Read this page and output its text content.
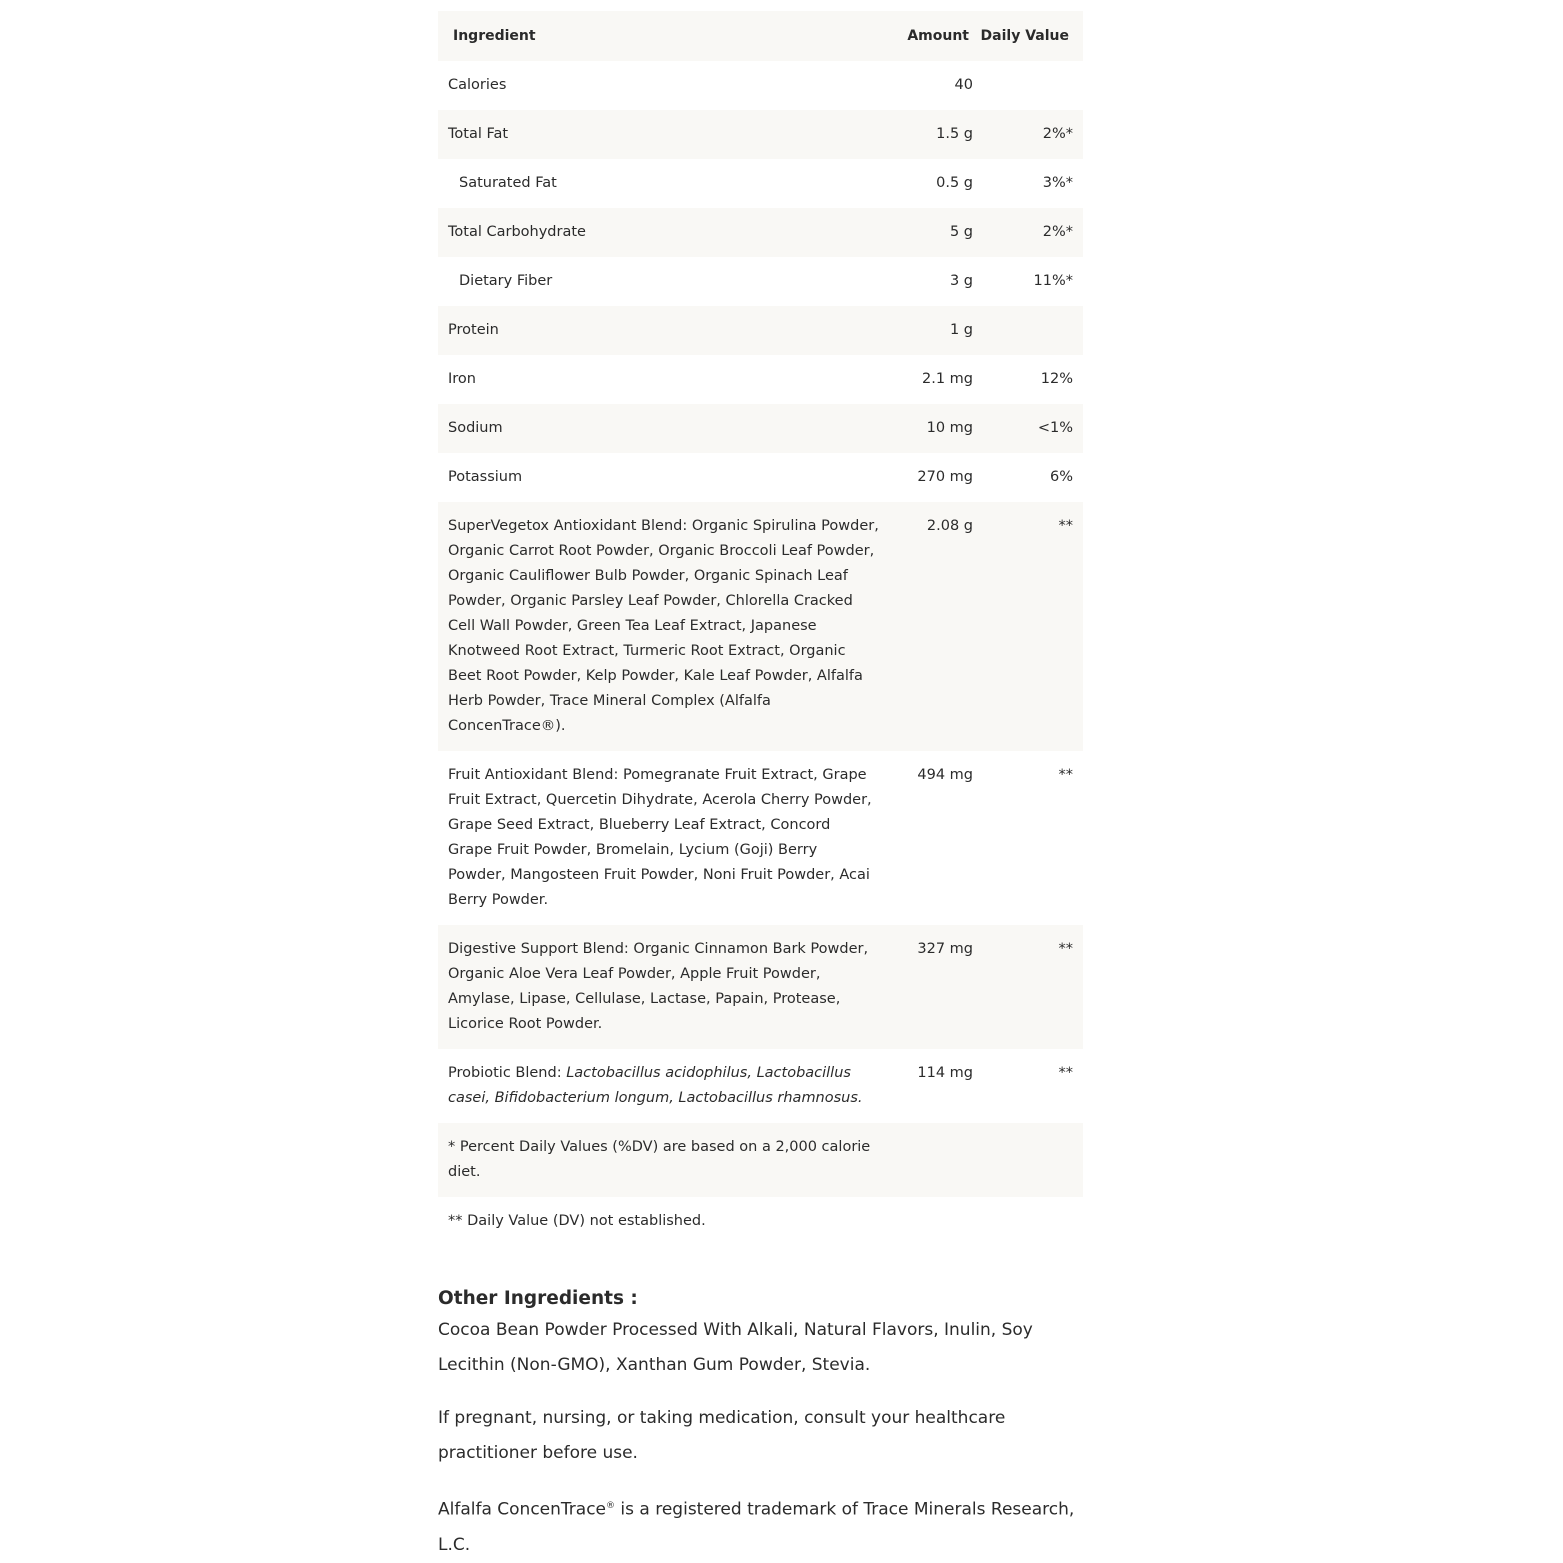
Ingredient	Amount	Daily Value
Calories	40	
Total Fat	1.5 g	2%*
Saturated Fat	0.5 g	3%*
Total Carbohydrate	5 g	2%*
Dietary Fiber	3 g	11%*
Protein	1 g	
Iron	2.1 mg	12%
Sodium	10 mg	<1%
Potassium	270 mg	6%
SuperVegetox Antioxidant Blend: Organic Spirulina Powder, Organic Carrot Root Powder, Organic Broccoli Leaf Powder, Organic Cauliflower Bulb Powder, Organic Spinach Leaf Powder, Organic Parsley Leaf Powder, Chlorella Cracked Cell Wall Powder, Green Tea Leaf Extract, Japanese Knotweed Root Extract, Turmeric Root Extract, Organic Beet Root Powder, Kelp Powder, Kale Leaf Powder, Alfalfa Herb Powder, Trace Mineral Complex (Alfalfa ConcenTrace®).	2.08 g	**
Fruit Antioxidant Blend: Pomegranate Fruit Extract, Grape Fruit Extract, Quercetin Dihydrate, Acerola Cherry Powder, Grape Seed Extract, Blueberry Leaf Extract, Concord Grape Fruit Powder, Bromelain, Lycium (Goji) Berry Powder, Mangosteen Fruit Powder, Noni Fruit Powder, Acai Berry Powder.	494 mg	**
Digestive Support Blend: Organic Cinnamon Bark Powder, Organic Aloe Vera Leaf Powder, Apple Fruit Powder, Amylase, Lipase, Cellulase, Lactase, Papain, Protease, Licorice Root Powder.	327 mg	**
Probiotic Blend: Lactobacillus acidophilus, Lactobacillus casei, Bifidobacterium longum, Lactobacillus rhamnosus.	114 mg	**
* Percent Daily Values (%DV) are based on a 2,000 calorie diet.		
** Daily Value (DV) not established.		
Other Ingredients :

Cocoa Bean Powder Processed With Alkali, Natural Flavors, Inulin, Soy Lecithin (Non-GMO), Xanthan Gum Powder, Stevia.

If pregnant, nursing, or taking medication, consult your healthcare practitioner before use.

Alfalfa ConcenTrace® is a registered trademark of Trace Minerals Research, L.C.
